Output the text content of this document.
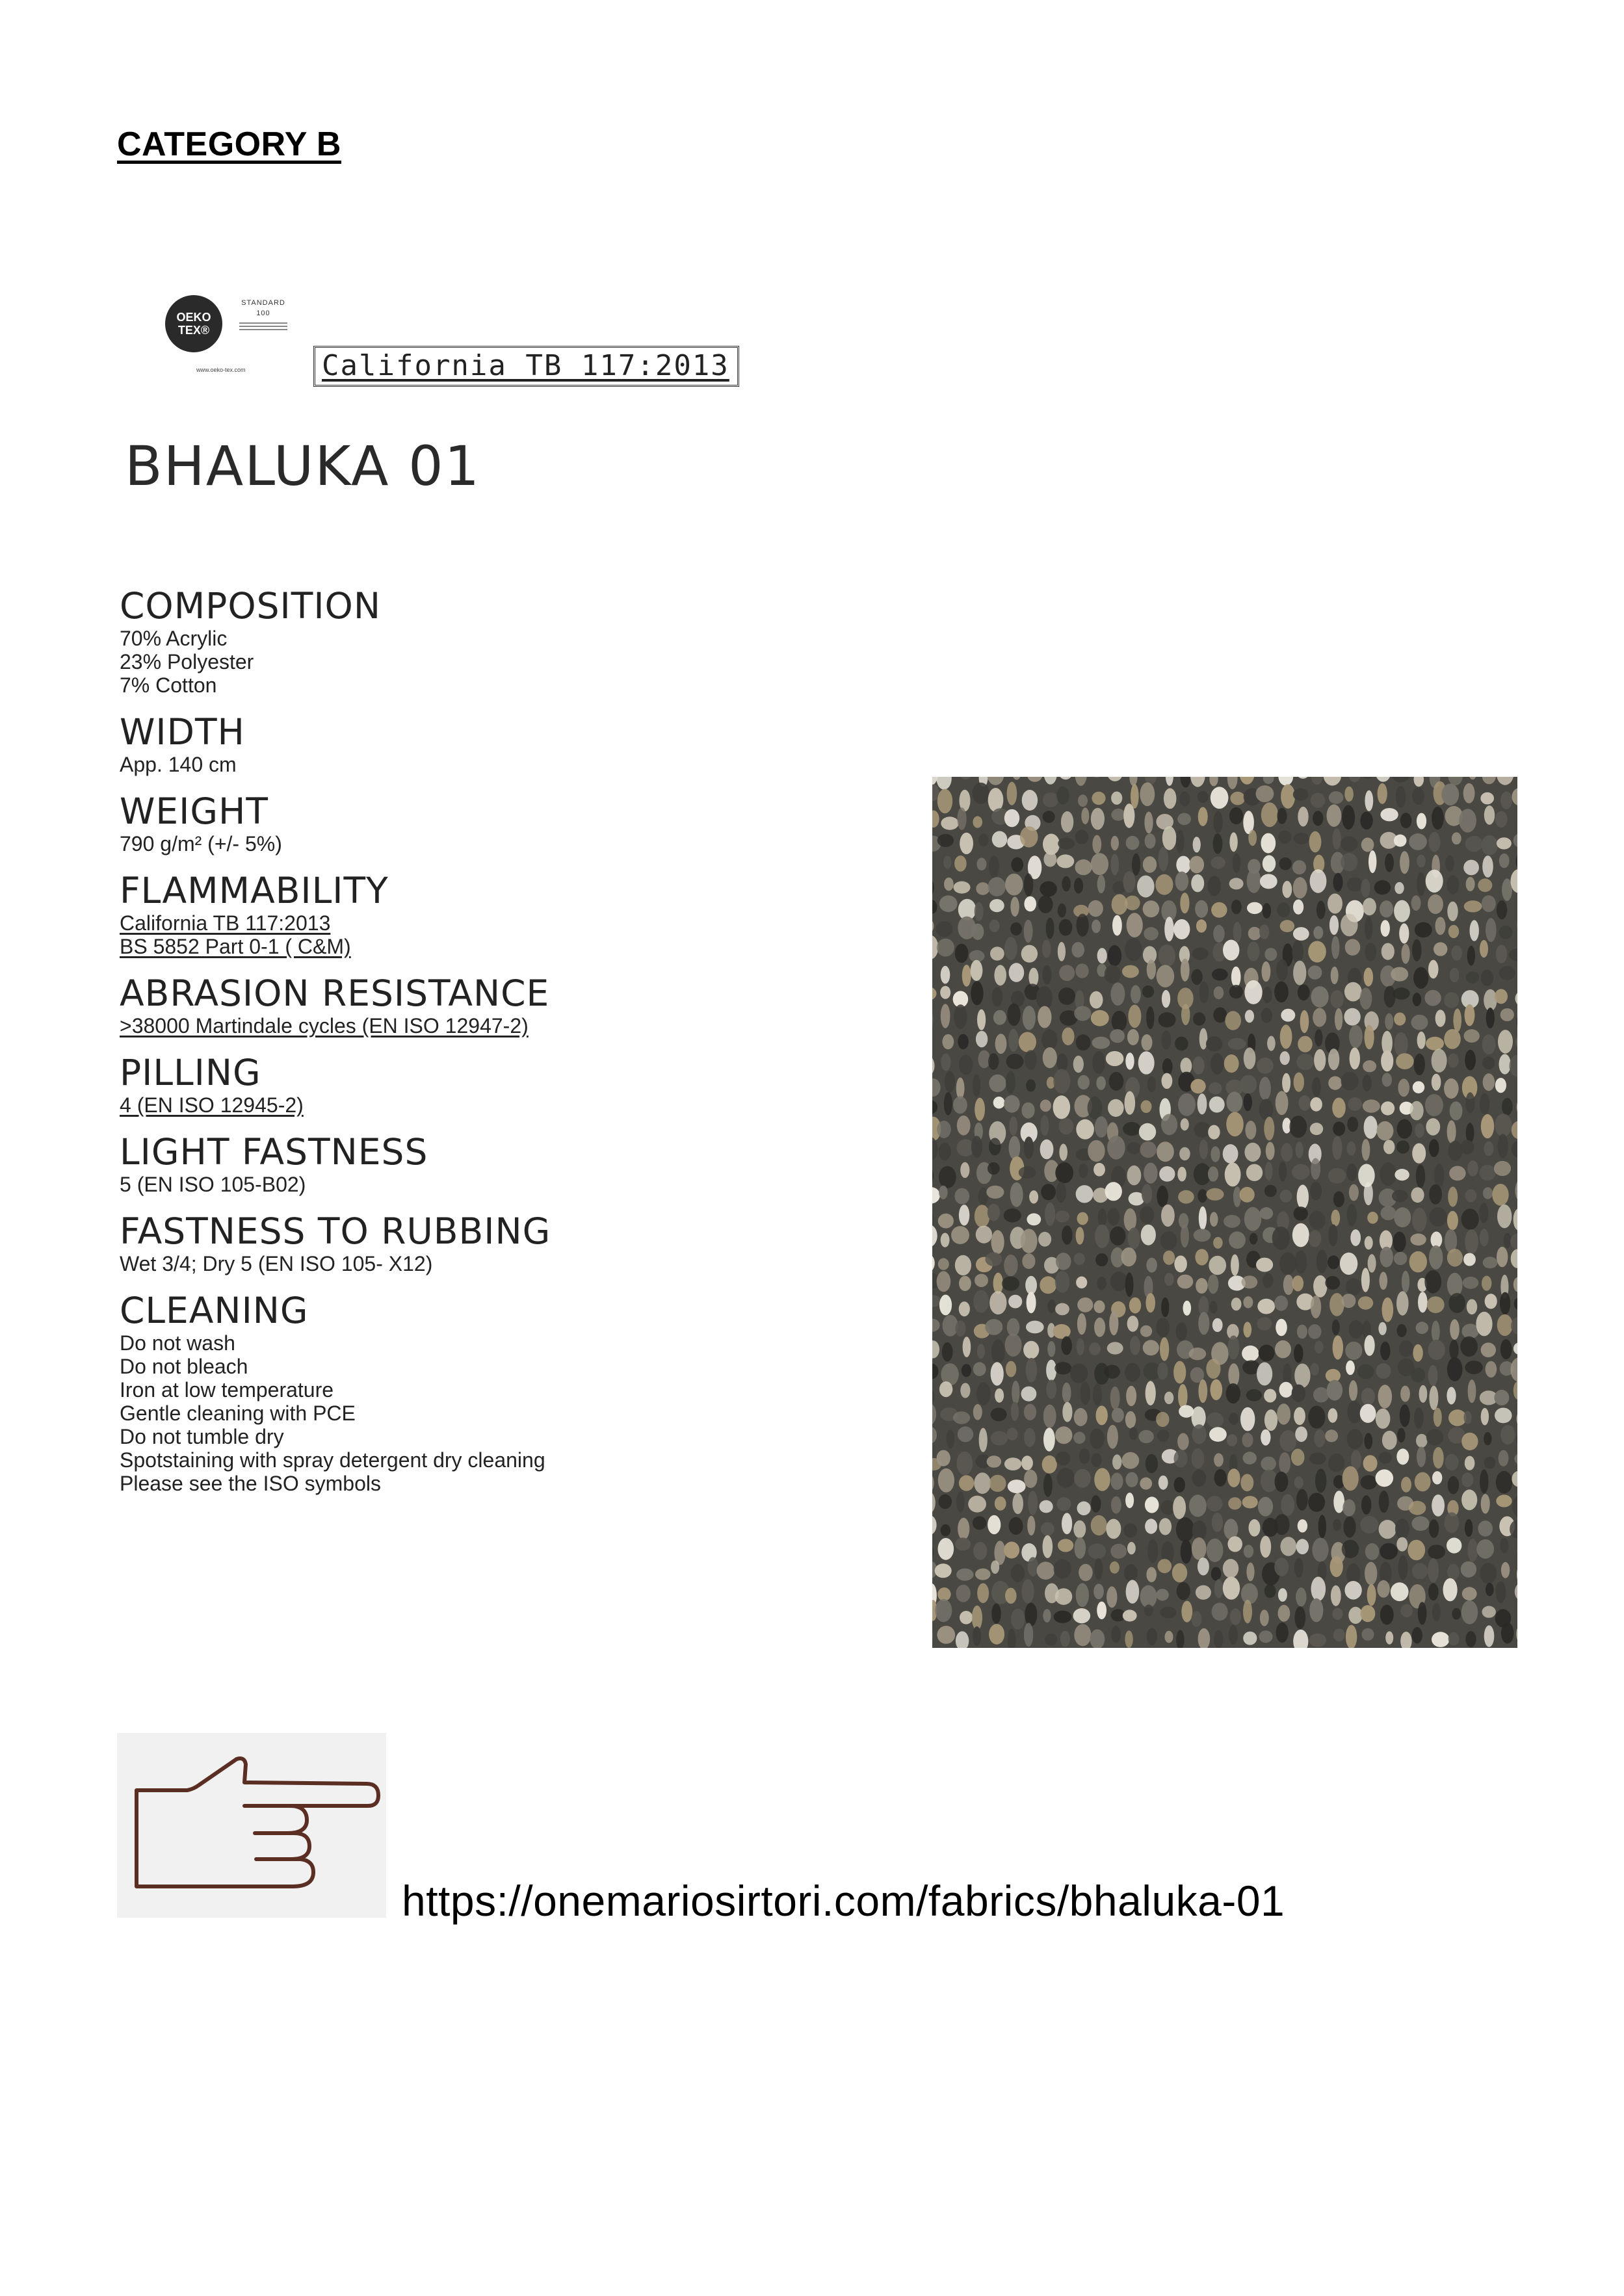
CATEGORY B
OEKO
TEX®
STANDARD
100
www.oeko-tex.com	California TB 117:2013
BHALUKA 01
COMPOSITION
70% Acrylic
23% Polyester
7% Cotton
WIDTH
App. 140 cm
WEIGHT
790 g/m² (+/- 5%)
FLAMMABILITY
California TB 117:2013
BS 5852 Part 0-1 ( C&M)
ABRASION RESISTANCE
>38000 Martindale cycles (EN ISO 12947-2)
PILLING
4 (EN ISO 12945-2)
LIGHT FASTNESS
5 (EN ISO 105-B02)
FASTNESS TO RUBBING
Wet 3/4; Dry 5 (EN ISO 105- X12)
CLEANING
Do not wash
Do not bleach
Iron at low temperature
Gentle cleaning with PCE
Do not tumble dry
Spotstaining with spray detergent dry cleaning
Please see the ISO symbols
https://onemariosirtori.com/fabrics/bhaluka-01
